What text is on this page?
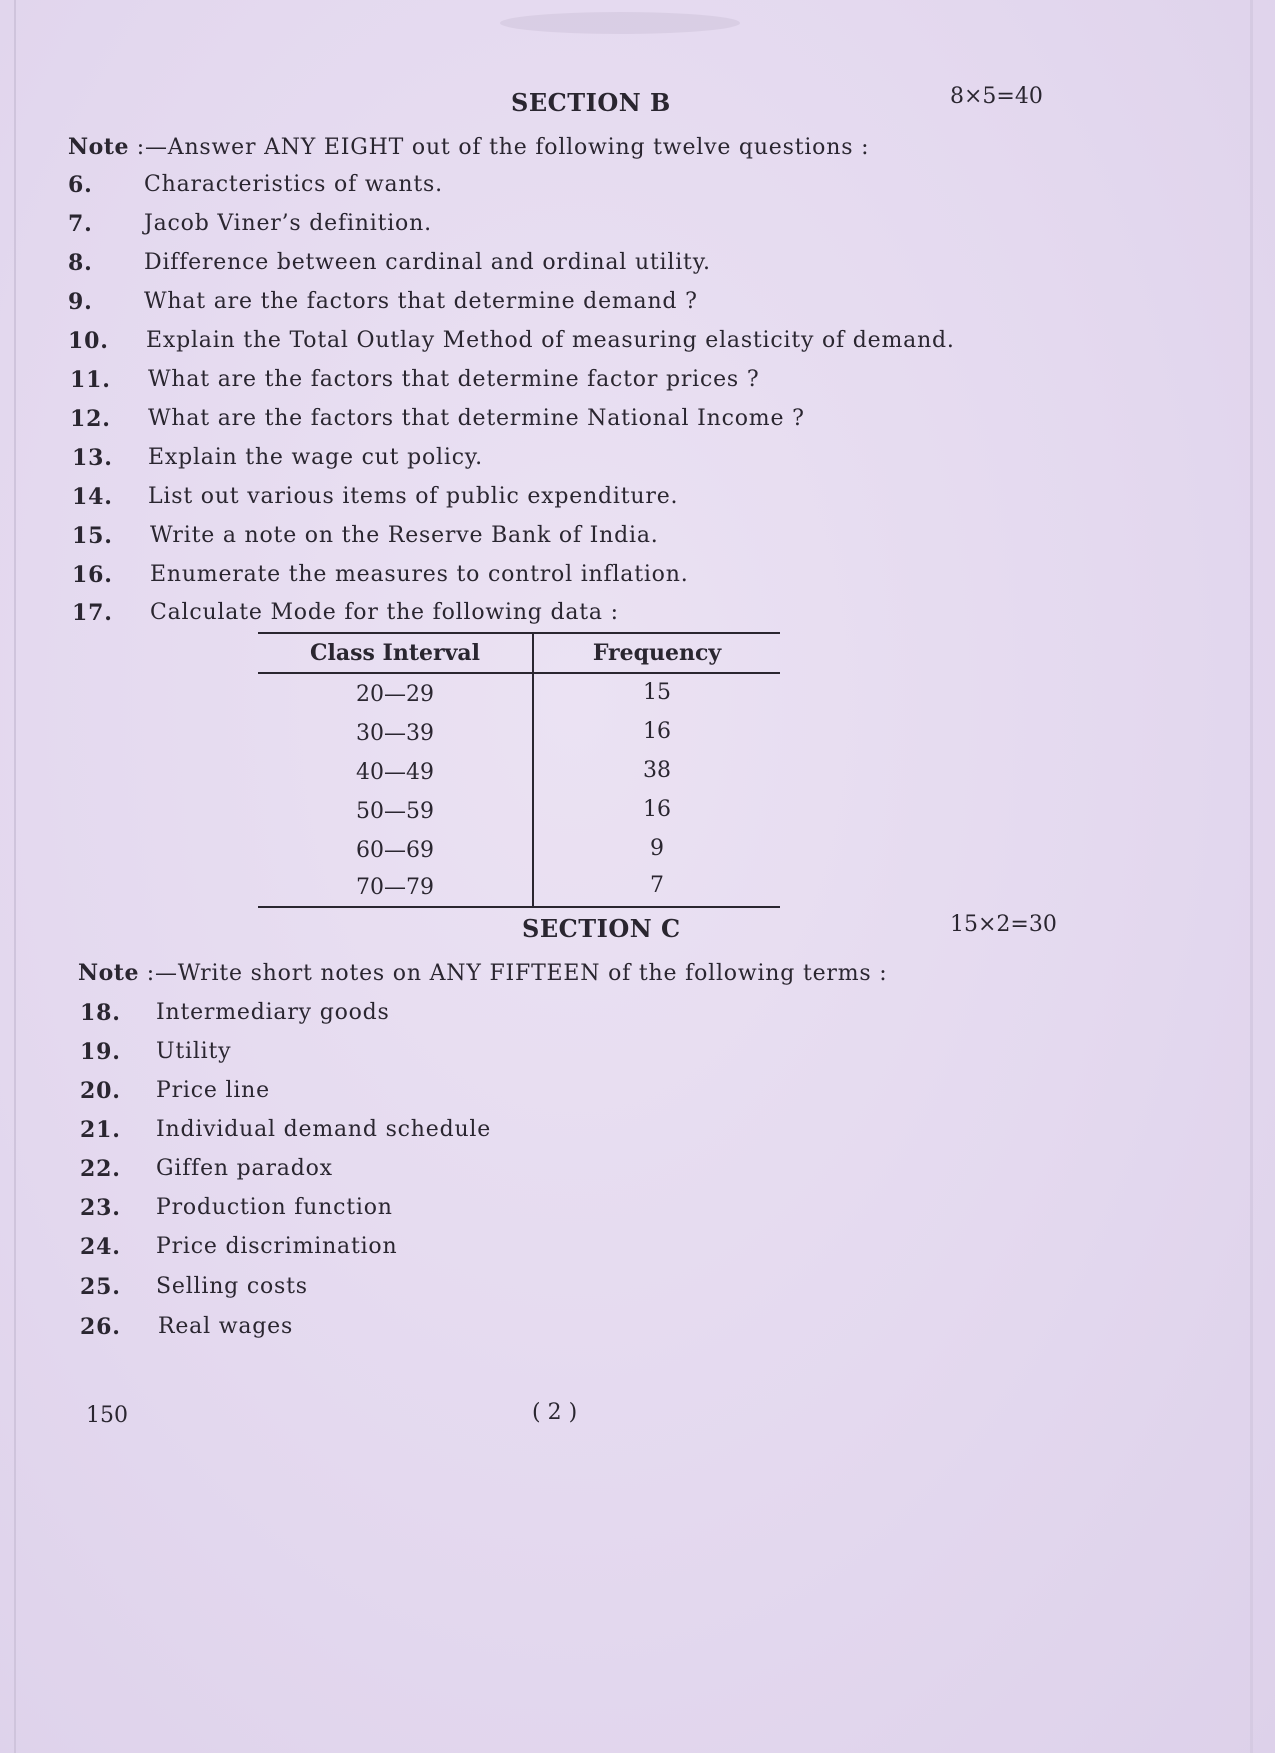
SECTION B	8×5=40
Note :—Answer ANY EIGHT out of the following twelve questions :
6. Characteristics of wants.
7. Jacob Viner’s definition.
8. Difference between cardinal and ordinal utility.
9. What are the factors that determine demand ?
10. Explain the Total Outlay Method of measuring elasticity of demand.
11. What are the factors that determine factor prices ?
12. What are the factors that determine National Income ?
13. Explain the wage cut policy.
14. List out various items of public expenditure.
15. Write a note on the Reserve Bank of India.
16. Enumerate the measures to control inflation.
17. Calculate Mode for the following data :
Class Interval	Frequency
20—29	15
30—39	16
40—49	38
50—59	16
60—69	9
70—79	7
SECTION C	15×2=30
Note :—Write short notes on ANY FIFTEEN of the following terms :
18. Intermediary goods
19. Utility
20. Price line
21. Individual demand schedule
22. Giffen paradox
23. Production function
24. Price discrimination
25. Selling costs
26. Real wages
150	( 2 )
